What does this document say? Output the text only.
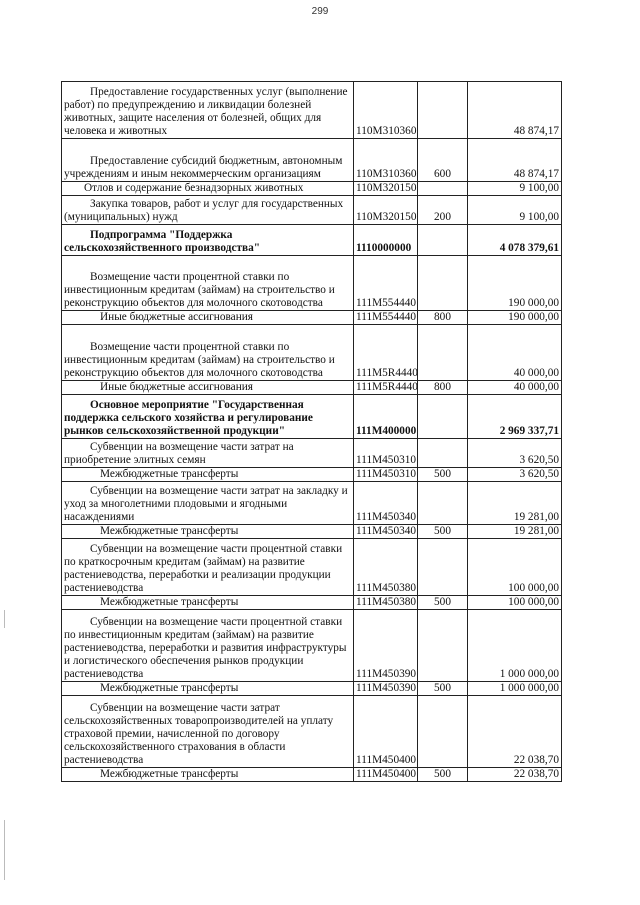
299
Предоставление государственных услуг (выполнение работ) по предупреждению и ликвидации болезней животных, защите населения от болезней, общих для человека и животных	110M310360		48 874,17
Предоставление субсидий бюджетным, автономным учреждениям и иным некоммерческим организациям	110M310360	600	48 874,17
Отлов и содержание безнадзорных животных	110M320150		9 100,00
Закупка товаров, работ и услуг для государственных (муниципальных) нужд	110M320150	200	9 100,00
Подпрограмма "Поддержка сельскохозяйственного производства"	1110000000		4 078 379,61
Возмещение части процентной ставки по инвестиционным кредитам (займам) на строительство и реконструкцию объектов для молочного скотоводства	111M554440		190 000,00
Иные бюджетные ассигнования	111M554440	800	190 000,00
Возмещение части процентной ставки по инвестиционным кредитам (займам) на строительство и реконструкцию объектов для молочного скотоводства	111M5R4440		40 000,00
Иные бюджетные ассигнования	111M5R4440	800	40 000,00
Основное мероприятие "Государственная поддержка сельского хозяйства и регулирование рынков сельскохозяйственной продукции"	111M400000		2 969 337,71
Субвенции на возмещение части затрат на приобретение элитных семян	111M450310		3 620,50
Межбюджетные трансферты	111M450310	500	3 620,50
Субвенции на возмещение части затрат на закладку и уход за многолетними плодовыми и ягодными насаждениями	111M450340		19 281,00
Межбюджетные трансферты	111M450340	500	19 281,00
Субвенции на возмещение части процентной ставки по краткосрочным кредитам (займам) на развитие растениеводства, переработки и реализации продукции растениеводства	111M450380		100 000,00
Межбюджетные трансферты	111M450380	500	100 000,00
Субвенции на возмещение части процентной ставки по инвестиционным кредитам (займам) на развитие растениеводства, переработки и развития инфраструктуры и логистического обеспечения рынков продукции растениеводства	111M450390		1 000 000,00
Межбюджетные трансферты	111M450390	500	1 000 000,00
Субвенции на возмещение части затрат сельскохозяйственных товаропроизводителей на уплату страховой премии, начисленной по договору сельскохозяйственного страхования в области растениеводства	111M450400		22 038,70
Межбюджетные трансферты	111M450400	500	22 038,70
